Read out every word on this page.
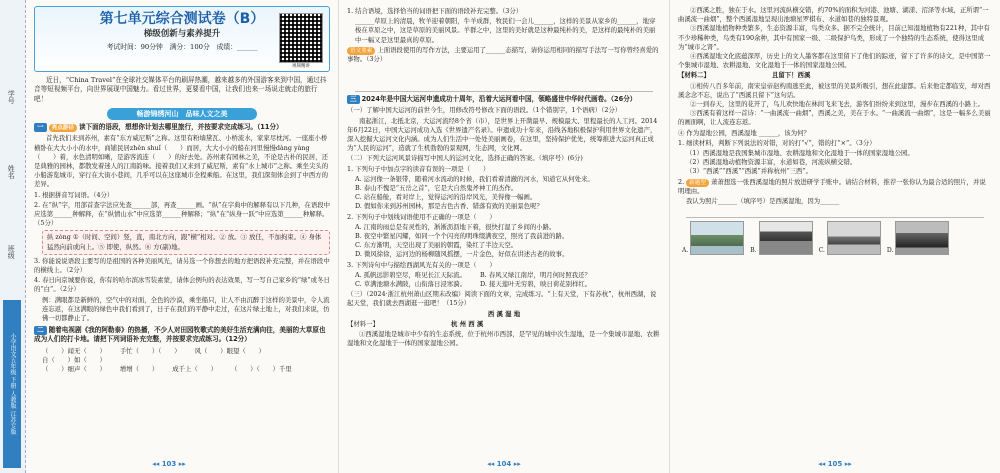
学号
姓名
班级
小学语文五年级 下册 人教版 江苏专版
第七单元综合测试卷（B）
梯级创新与素养提升
考试时间：90分钟　满分：100分　成绩：______
视频精讲
近日，“China Travel”在全球社交媒体平台的刷屏热潮，越来越多的外国游客来到中国，通过抖音等短视频平台，向世界展现中国魅力。看过世界，更要看中国，让我们也来一场说走就走的旅行吧！
畅游锦绣河山　品味人文之美
一 亮点游径 读下面的语段，想想你计划去哪里旅行，并按要求完成练习。（11分）
首先我们来到苏州，素有“东方威尼斯”之称。这里有粉墙黛瓦、小桥流水，家家尽枕河。一座座小桥横卧在大大小小的水中，商铺民居zhěn shuǐ（　　）而居，大大小小的船在河里慢慢dàng yàng（　　）着，水色清明如晰，是游客流连（　　）的好去处。苏州素有园林之美，不论是古朴的民居，还是典雅的园林，都散发着迷人的江南韵味。接着我们又来到了威尼斯，素有“水上城市”之称。乘坐尖头的小船游览城市，穿行在大街小巷间，几乎可以在这座城市全程乘船。在这里，我们深刻体会到了中西方的差异。
1. 根据拼音写词语。（4分）
2. 在“纵”字，用部首查字法应先查______部，再查______画。“纵”在字典中的解释有以下几种，在语段中应选第______种解释，在“纵情山水”中应选第______种解释；“纵”在“纵身一跃”中应选第______种解释。（5分）
纵 zòng ①（时间、空间）竖，直，南北方向，跟“横”相对。② 放。③ 放任，不加拘束。④ 身体猛然向前或向上。⑤ 即使，纵然。⑥ 方(副)地。
3. 你能说说语段主要写的是祖国的各种美丽风光，请另选一个你想去的地方把语段补充完整，并在语段中的横线上。（2分）
4. 春日向京城要你说，你有的哈尔滨冰雪装素蒙，请体会例句的表达效果，写一写自己家乡的“绿”或冬日的“白”。（2分）
例：满眼都是新鲜的，空气中的对面，全色的沙漠，乘坐船只，让人不由沉醉于这样的美景中，令人流连忘返，在这满眼的绿色中我们看到了，日子在我们的平静中走过，在这片绿土地上，对我们来说，仿佛一切都静止了。
二 随着电视剧《我的阿勒泰》的热播，不少人对田园牧歌式的美好生活充满向往，美丽的大草原也成为人们的打卡地。请把下列词语补充完整，并按要求完成练习。（12分）
（　　）闻无（　　） 手忙（　　）（　　） 风（　　）眼望（　　）
自（　　）如（　　）
（　　）细声（　　） 增增（　　） 成千上（　　） （　　）（　　）千里
◂◂ 103 ▸▸
1. 结合语境，选择恰当的词语把下面的语段补充完整。（3分）
______草原上的清晨，牧羊迎着朝阳，牛羊成群，牧民们一会儿______，这样的美景从家乡的______，地穿梭在草原之中，这是草原的美丽风景。羊群之中，这里的美好就是这种最纯朴的美，是这样的最纯朴的美丽中一幅又是这里最真的草原。
语文要素 上面语段使用的写作方法，主要运用了______态描写，请你运用相同的描写手法写一写你曾经喜爱的事物。（3分）
三 2024年是中国大运河申遗成功十周年，沿着大运河看中国，领略盛世中华时代画卷。（26分）
（一）了解中国大运河的前世今生，用修改符号修改下面的语段。（1个错别字，1个语病）（2分）
南起浙江，北抵北京，大运河流经8个省（市），是世界上开凿最早、规模最大、里程最长的人工河。2014年6月22日，中国大运河成功入选《世界遗产名录》。申遗成功十年来，沿线各地积极保护利用世界文化遗产，深入挖掘大运河文化内涵。成为人们生活中一处处美丽画卷，在这里，坚持保护优先，统筹推进大运河真正成为“人民的运河”，造就了生机勃勃的景观网，生态网，文化网。
（二）下列大运河风景诗描写中国人的运河文化，选择正确的答案。（填序号）(6分)
1. 下列句子中加点字的读音有误的一项是（　　）
A. 运河像一条银带，随着河水流动的时候，我们看着清澈的河水，知道它从何处来。
B. 泰山不愧是“五岳之首”，它是大自然鬼斧神工的杰作。
C. 站在船舱，看对岸上，觉得运河的沿岸风光，美得像一幅画。
D. 假如你来到苏州园林，那是古色古香、错落有致的美丽景色呢？
2. 下列句子中划线词语使用不正确的一项是（　　）
A. 江南的雨总是有灵性的，淅淅沥沥地下着，很快打湿了乡间的小路。
B. 夜空中繁星闪耀，如同一个个闪亮的明珠缀满夜空，照亮了我前进的路。
C. 东方渐明，天空出现了美丽的朝霞，染红了半边天空。
D. 微风徐徐，运河边的杨柳随风摇摆，一片金色，好似在讲述古老的故事。
3. 下列诗句中与描绘西湖风光有关的一项是（　　）
A. 孤帆远影碧空尽，唯见长江天际流。 B. 春风又绿江南岸，明月何时照我还？
C. 草满池塘水满陂，山衔落日浸寒漪。 D. 接天莲叶无穷碧，映日荷花别样红。
（三）（2024·浙江杭州萧山区期末改编）阅读下面的文章，完成练习。“上有天堂，下有苏杭”，杭州西湖，说起天堂，我们就去西湖逛一逛吧！（15分）
西 溪 湿 地
【材料一】	杭 州 西 溪
①西溪湿地是城市中少有的生态系统，位于杭州市西部，是罕见的城中次生湿地，是一个集城市湿地、农耕湿地和文化湿地于一体的国家湿地公园。
◂◂ 104 ▸▸
②西溪之胜，独在于水。这里河流纵横交错，约70%的面积为河港、池塘、湖漾、沼泽等水域，正所谓“一曲溪流一曲烟”，整个西溪湿地呈现出池塘星罗棋布、水道如巷的独特景观。
③西溪湿地植物种类繁多，生态资源丰富，鸟类众多。据不完全统计，目前已知湿地植物有221种，其中有不少珍稀种类，鸟类有190余种，其中有国家一级、二级保护鸟类，形成了一个独特的生态系统，使得这里成为“城市之肾”。
④西溪湿地文化底蕴深厚，历史上的文人墨客都在这里留下了他们的踪迹，留下了许多的诗文，是中国第一个集城市湿地、农耕湿地、文化湿地于一体的国家湿地公园。
【材料二】	且留下！西溪
①相传八百多年前，南宋皇帝赵构南逃至此，被这里的美景所吸引，想在此建都。后来他定都临安，却对西溪念念不忘，说出了“西溪且留下”这句话。
②一到春天，这里的花开了，鸟儿欢快地在林间飞来飞去，游客们纷纷来到这里，漫步在西溪的小路上。
③西溪有着这样一首诗：“一曲溪流一曲烟”，西溪之美，美在于水。“一曲溪流一曲烟”，这是一幅多么美丽的画面啊，让人流连忘返。
④ 作为湿地公园，西溪湿地 ______，该为何？
1. 细读材料，判断下列说法的对错，对的打“√”，错的打“×”。（3分）
（1）西溪湿地是我国集城市湿地、农耕湿地和文化湿地于一体的国家湿地公园。
（2）西溪湿地动植物资源丰富，水道如巷，河流纵横交错。
（3）“西溪”“西溪”“西溪”并称杭州“三西”。
2. 新题型 萧萧想选一张西溪湿地的照片放进研学手账中。请结合材料，推荐一张你认为最合适的照片，并说明理由。
我认为照片______（填序号）是西溪湿地，因为______
A.	B.	C.	D.
◂◂ 105 ▸▸
